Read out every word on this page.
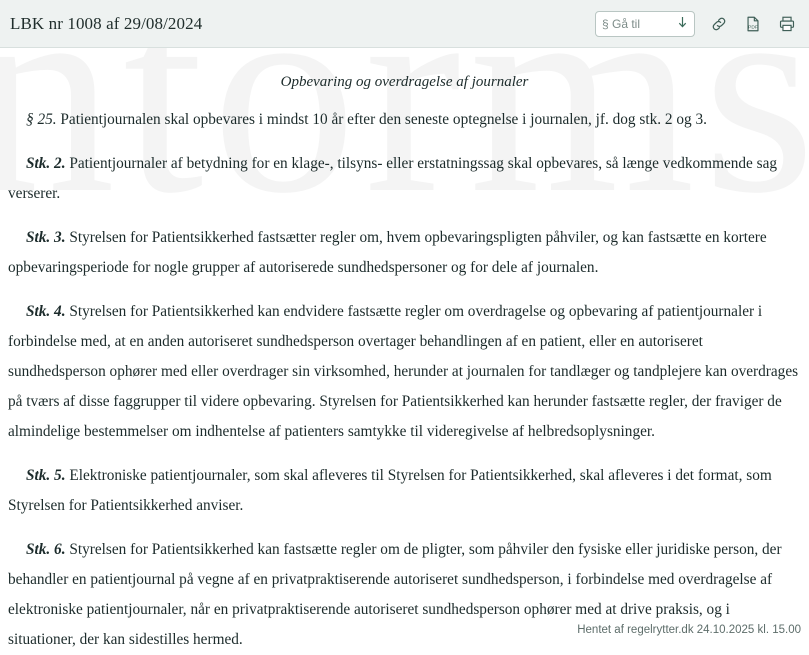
LBK nr 1008 af 29/08/2024	§ Gå til	PDF
Opbevaring og overdragelse af journaler

§ 25. Patientjournalen skal opbevares i mindst 10 år efter den seneste optegnelse i journalen, jf. dog stk. 2 og 3.

Stk. 2. Patientjournaler af betydning for en klage-, tilsyns- eller erstatningssag skal opbevares, så længe vedkommende sag verserer.

Stk. 3. Styrelsen for Patientsikkerhed fastsætter regler om, hvem opbevaringspligten påhviler, og kan fastsætte en kortere opbevaringsperiode for nogle grupper af autoriserede sundhedspersoner og for dele af journalen.

Stk. 4. Styrelsen for Patientsikkerhed kan endvidere fastsætte regler om overdragelse og opbevaring af patientjournaler i forbindelse med, at en anden autoriseret sundhedsperson overtager behandlingen af en patient, eller en autoriseret sundhedsperson ophører med eller overdrager sin virksomhed, herunder at journalen for tandlæger og tandplejere kan overdrages på tværs af disse faggrupper til videre opbevaring. Styrelsen for Patientsikkerhed kan herunder fastsætte regler, der fraviger de almindelige bestemmelser om indhentelse af patienters samtykke til videregivelse af helbredsoplysninger.

Stk. 5. Elektroniske patientjournaler, som skal afleveres til Styrelsen for Patientsikkerhed, skal afleveres i det format, som Styrelsen for Patientsikkerhed anviser.

Stk. 6. Styrelsen for Patientsikkerhed kan fastsætte regler om de pligter, som påhviler den fysiske eller juridiske person, der behandler en patientjournal på vegne af en privatpraktiserende autoriseret sundhedsperson, i forbindelse med overdragelse af elektroniske patientjournaler, når en privatpraktiserende autoriseret sundhedsperson ophører med at drive praksis, og i situationer, der kan sidestilles hermed.

Hentet af regelrytter.dk 24.10.2025 kl. 15.00
